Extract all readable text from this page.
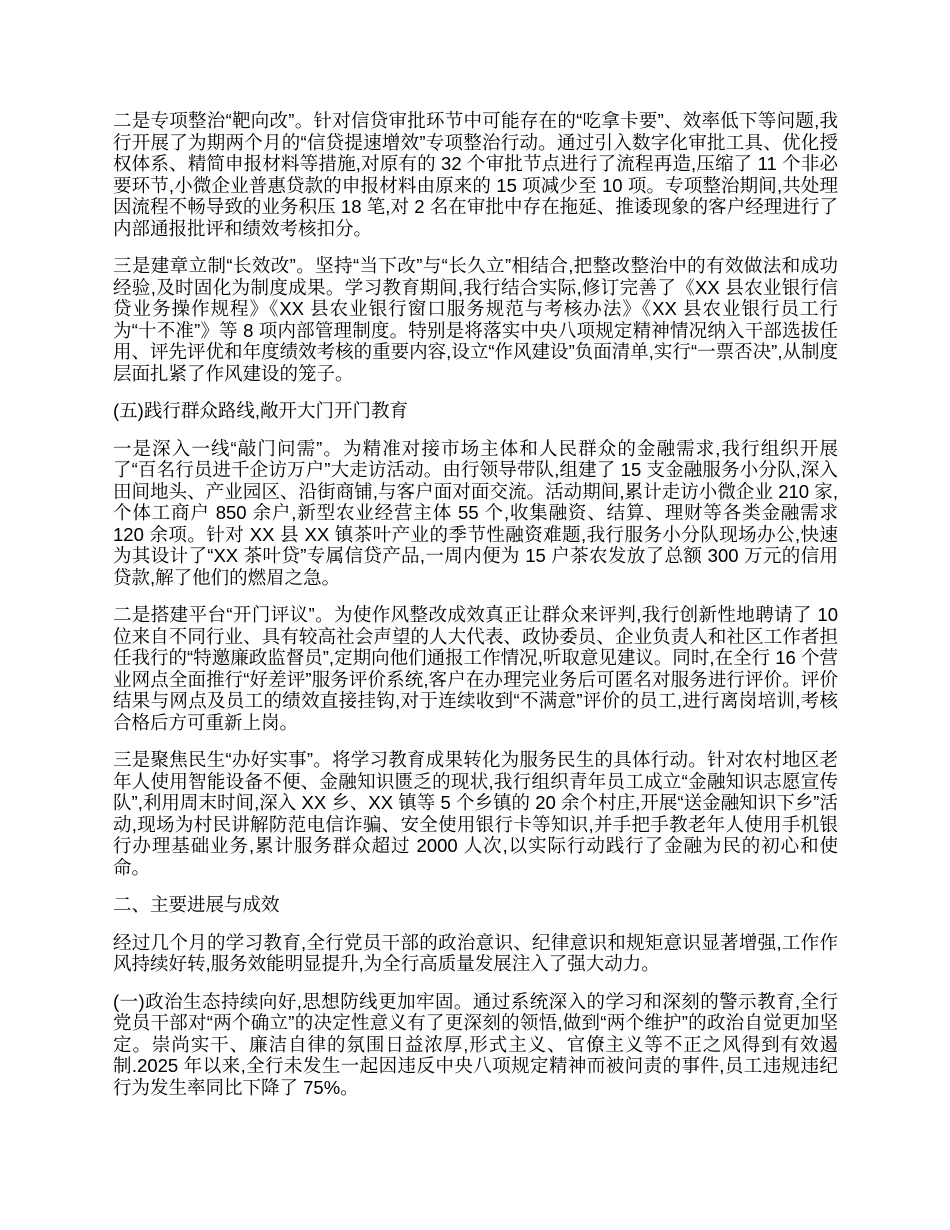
二是专项整治“靶向改”。针对信贷审批环节中可能存在的“吃拿卡要”、效率低下等问题,我行开展了为期两个月的“信贷提速增效”专项整治行动。通过引入数字化审批工具、优化授权体系、精简申报材料等措施,对原有的 32 个审批节点进行了流程再造,压缩了 11 个非必要环节,小微企业普惠贷款的申报材料由原来的 15 项减少至 10 项。专项整治期间,共处理因流程不畅导致的业务积压 18 笔,对 2 名在审批中存在拖延、推诿现象的客户经理进行了内部通报批评和绩效考核扣分。

三是建章立制“长效改”。坚持“当下改”与“长久立”相结合,把整改整治中的有效做法和成功经验,及时固化为制度成果。学习教育期间,我行结合实际,修订完善了《XX 县农业银行信贷业务操作规程》《XX 县农业银行窗口服务规范与考核办法》《XX 县农业银行员工行为“十不准”》等 8 项内部管理制度。特别是将落实中央八项规定精神情况纳入干部选拔任用、评先评优和年度绩效考核的重要内容,设立“作风建设”负面清单,实行“一票否决”,从制度层面扎紧了作风建设的笼子。

(五)践行群众路线,敞开大门开门教育

一是深入一线“敲门问需”。为精准对接市场主体和人民群众的金融需求,我行组织开展了“百名行员进千企访万户”大走访活动。由行领导带队,组建了 15 支金融服务小分队,深入田间地头、产业园区、沿街商铺,与客户面对面交流。活动期间,累计走访小微企业 210 家,个体工商户 850 余户,新型农业经营主体 55 个,收集融资、结算、理财等各类金融需求 120 余项。针对 XX 县 XX 镇茶叶产业的季节性融资难题,我行服务小分队现场办公,快速为其设计了“XX 茶叶贷”专属信贷产品,一周内便为 15 户茶农发放了总额 300 万元的信用贷款,解了他们的燃眉之急。

二是搭建平台“开门评议”。为使作风整改成效真正让群众来评判,我行创新性地聘请了 10 位来自不同行业、具有较高社会声望的人大代表、政协委员、企业负责人和社区工作者担任我行的“特邀廉政监督员”,定期向他们通报工作情况,听取意见建议。同时,在全行 16 个营业网点全面推行“好差评”服务评价系统,客户在办理完业务后可匿名对服务进行评价。评价结果与网点及员工的绩效直接挂钩,对于连续收到“不满意”评价的员工,进行离岗培训,考核合格后方可重新上岗。

三是聚焦民生“办好实事”。将学习教育成果转化为服务民生的具体行动。针对农村地区老年人使用智能设备不便、金融知识匮乏的现状,我行组织青年员工成立“金融知识志愿宣传队”,利用周末时间,深入 XX 乡、XX 镇等 5 个乡镇的 20 余个村庄,开展“送金融知识下乡”活动,现场为村民讲解防范电信诈骗、安全使用银行卡等知识,并手把手教老年人使用手机银行办理基础业务,累计服务群众超过 2000 人次,以实际行动践行了金融为民的初心和使命。

二、主要进展与成效

经过几个月的学习教育,全行党员干部的政治意识、纪律意识和规矩意识显著增强,工作作风持续好转,服务效能明显提升,为全行高质量发展注入了强大动力。

(一)政治生态持续向好,思想防线更加牢固。通过系统深入的学习和深刻的警示教育,全行党员干部对“两个确立”的决定性意义有了更深刻的领悟,做到“两个维护”的政治自觉更加坚定。崇尚实干、廉洁自律的氛围日益浓厚,形式主义、官僚主义等不正之风得到有效遏制.2025 年以来,全行未发生一起因违反中央八项规定精神而被问责的事件,员工违规违纪行为发生率同比下降了 75%。
